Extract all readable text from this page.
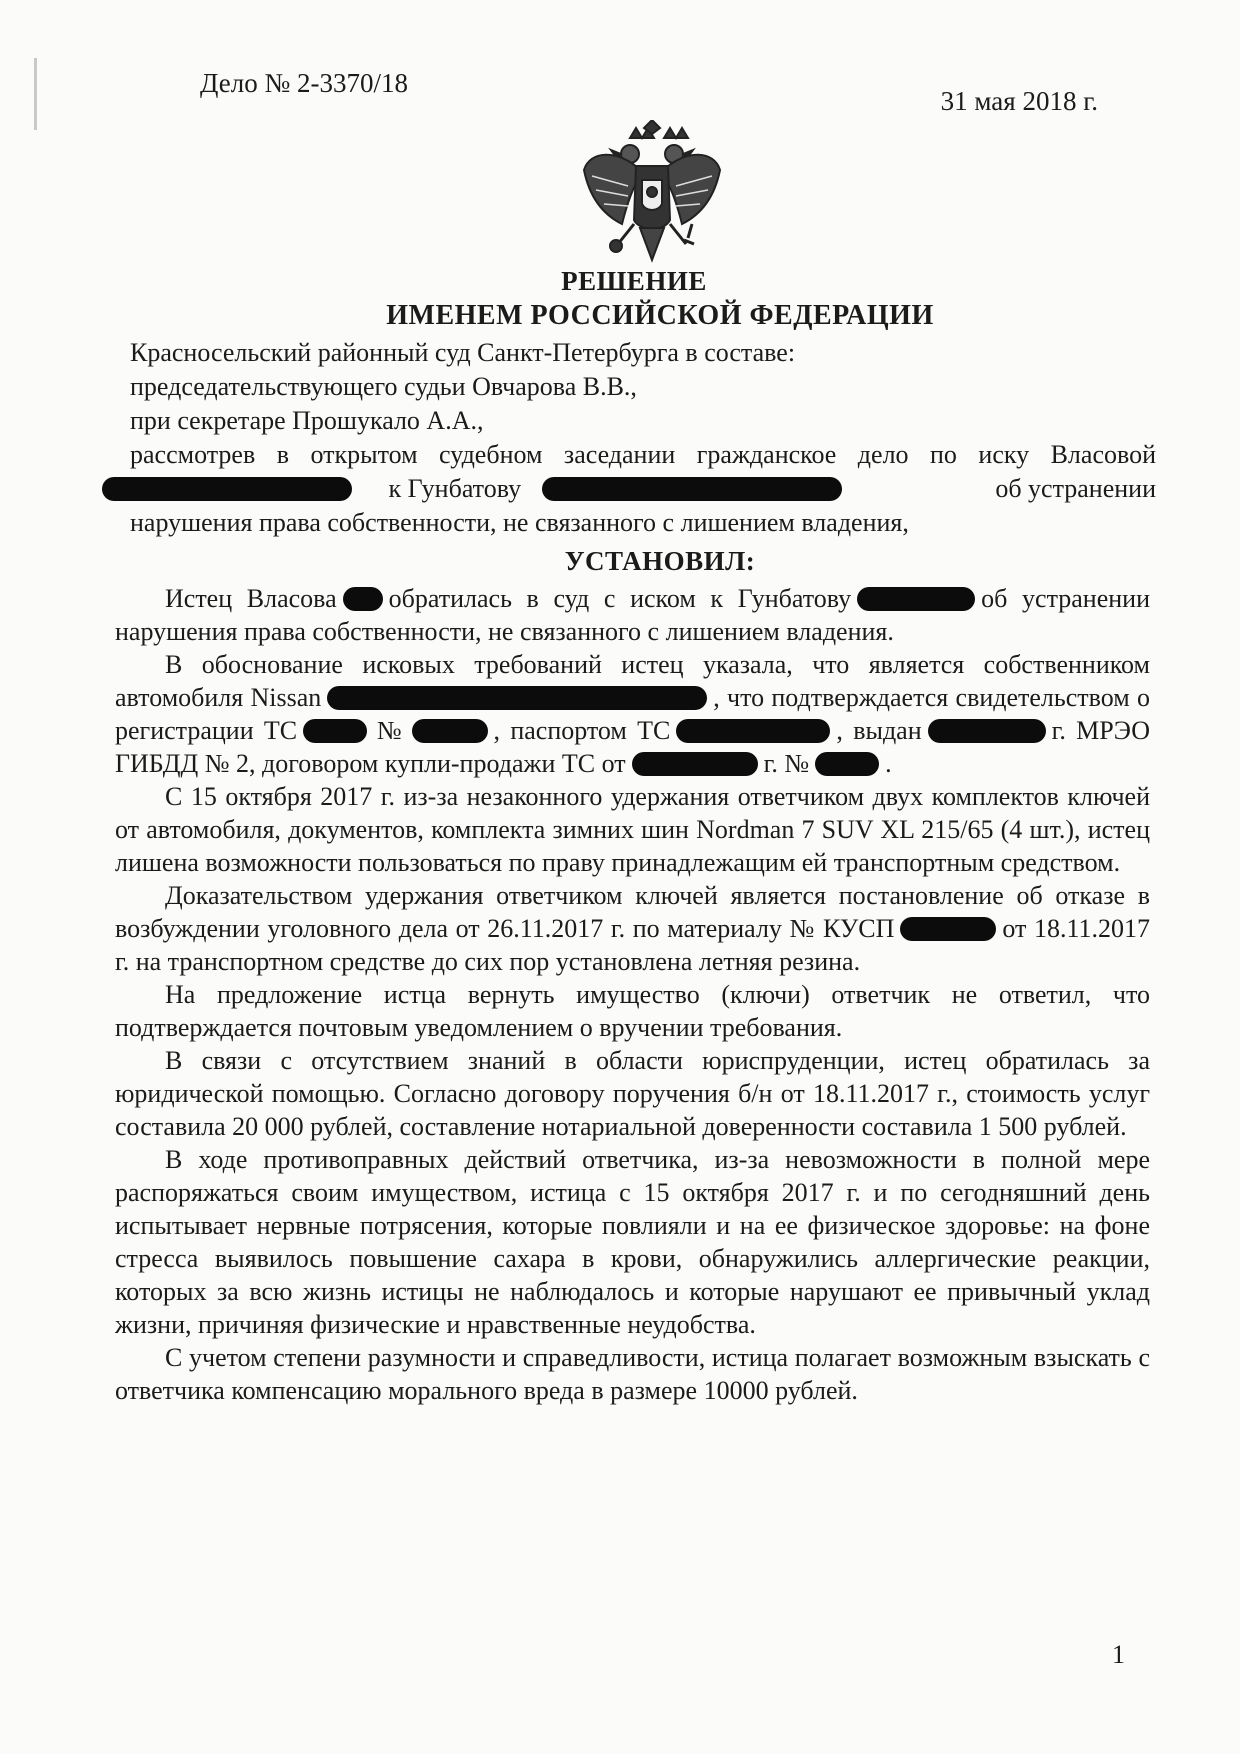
Дело № 2-3370/18
31 мая 2018 г.
РЕШЕНИЕ
ИМЕНЕМ РОССИЙСКОЙ ФЕДЕРАЦИИ
Красносельский районный суд Санкт-Петербурга в составе:
председательствующего судьи Овчарова В.В.,
при секретаре Прошукало А.А.,
рассмотрев в открытом судебном заседании гражданское дело по иску Власовой
к Гунбатову	об устранении
нарушения права собственности, не связанного с лишением владения,
УСТАНОВИЛ:

Истец Власова обратилась в суд с иском к Гунбатову	об устранении нарушения права собственности, не связанного с лишением владения.

В обоснование исковых требований истец указала, что является собственником автомобиля Nissan	, что подтверждается свидетельством о регистрации ТС	№	, паспортом ТС	, выдан	г. МРЭО ГИБДД № 2, договором купли-продажи ТС от	г. №	.

С 15 октября 2017 г. из-за незаконного удержания ответчиком двух комплектов ключей от автомобиля, документов, комплекта зимних шин Nordman 7 SUV XL 215/65 (4 шт.), истец лишена возможности пользоваться по праву принадлежащим ей транспортным средством.

Доказательством удержания ответчиком ключей является постановление об отказе в возбуждении уголовного дела от 26.11.2017 г. по материалу № КУСП	от 18.11.2017 г. на транспортном средстве до сих пор установлена летняя резина.

На предложение истца вернуть имущество (ключи) ответчик не ответил, что подтверждается почтовым уведомлением о вручении требования.

В связи с отсутствием знаний в области юриспруденции, истец обратилась за юридической помощью. Согласно договору поручения б/н от 18.11.2017 г., стоимость услуг составила 20 000 рублей, составление нотариальной доверенности составила 1 500 рублей.

В ходе противоправных действий ответчика, из-за невозможности в полной мере распоряжаться своим имуществом, истица с 15 октября 2017 г. и по сегодняшний день испытывает нервные потрясения, которые повлияли и на ее физическое здоровье: на фоне стресса выявилось повышение сахара в крови, обнаружились аллергические реакции, которых за всю жизнь истицы не наблюдалось и которые нарушают ее привычный уклад жизни, причиняя физические и нравственные неудобства.

С учетом степени разумности и справедливости, истица полагает возможным взыскать с ответчика компенсацию морального вреда в размере 10000 рублей.

1
